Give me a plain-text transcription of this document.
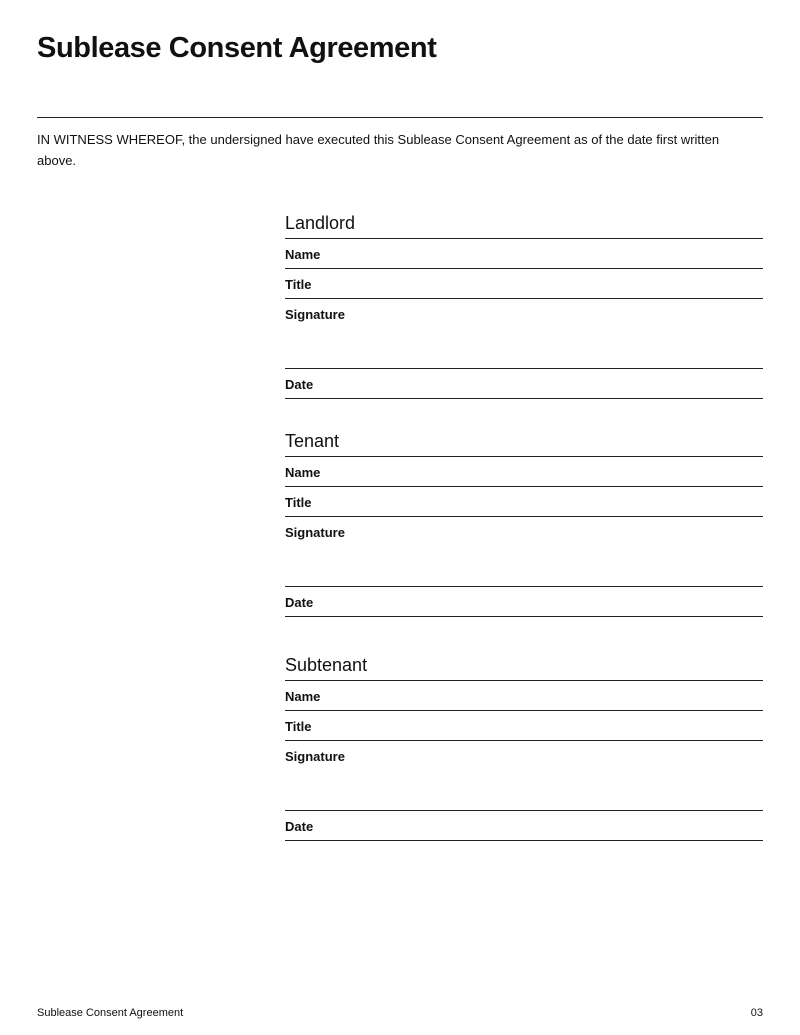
Sublease Consent Agreement

IN WITNESS WHEREOF, the undersigned have executed this Sublease Consent Agreement as of the date first written above.

Landlord
Name
Title
Signature
Date
Tenant
Name
Title
Signature
Date
Subtenant
Name
Title
Signature
Date
Sublease Consent Agreement	03
